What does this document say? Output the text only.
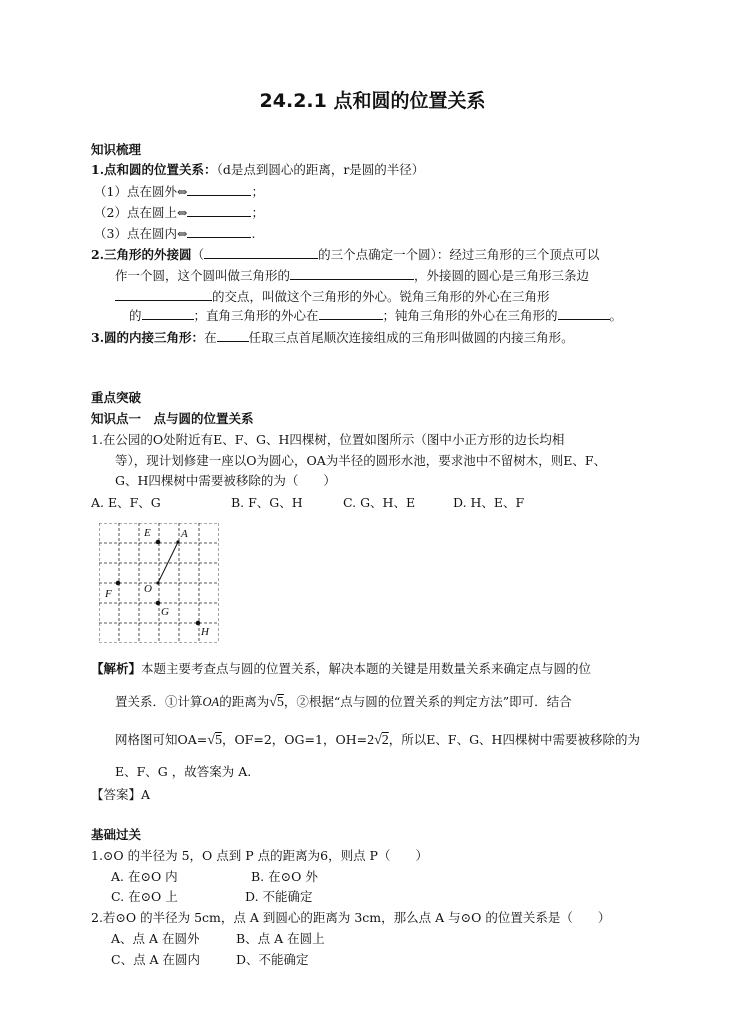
24.2.1 点和圆的位置关系
知识梳理
1.点和圆的位置关系：（d是点到圆心的距离，r是圆的半径）
（1）点在圆外⇔	；
（2）点在圆上⇔	；
（3）点在圆内⇔	.
2.三角形的外接圆（	的三个点确定一个圆）：经过三角形的三个顶点可以
作一个圆，这个圆叫做三角形的	，外接圆的圆心是三角形三条边
的交点，叫做这个三角形的外心。锐角三角形的外心在三角形
的	；直角三角形的外心在	；钝角三角形的外心在三角形的	。
3.圆的内接三角形：在	任取三点首尾顺次连接组成的三角形叫做圆的内接三角形。
重点突破
知识点一　点与圆的位置关系
1.在公园的O处附近有E、F、G、H四棵树，位置如图所示（图中小正方形的边长均相
等），现计划修建一座以O为圆心，OA为半径的圆形水池，要求池中不留树木，则E、F、
G、H四棵树中需要被移除的为（　　）
A. E、F、G	B. F、G、H	C. G、H、E	D. H、E、F
E	A
O
F
G
H
【解析】本题主要考查点与圆的位置关系，解决本题的关键是用数量关系来确定点与圆的位
置关系．①计算OA的距离为√5，②根据“点与圆的位置关系的判定方法”即可．结合
网格图可知OA=√5，OF=2，OG=1，OH=2√2，所以E、F、G、H四棵树中需要被移除的为
E、F、G ，故答案为 A.
【答案】A
基础过关
1.⊙O 的半径为 5，O 点到 P 点的距离为6，则点 P（　　）
A. 在⊙O 内	B. 在⊙O 外
C. 在⊙O 上	D. 不能确定
2.若⊙O 的半径为 5cm，点 A 到圆心的距离为 3cm，那么点 A 与⊙O 的位置关系是（　　）
A、点 A 在圆外	B、点 A 在圆上
C、点 A 在圆内	D、不能确定
